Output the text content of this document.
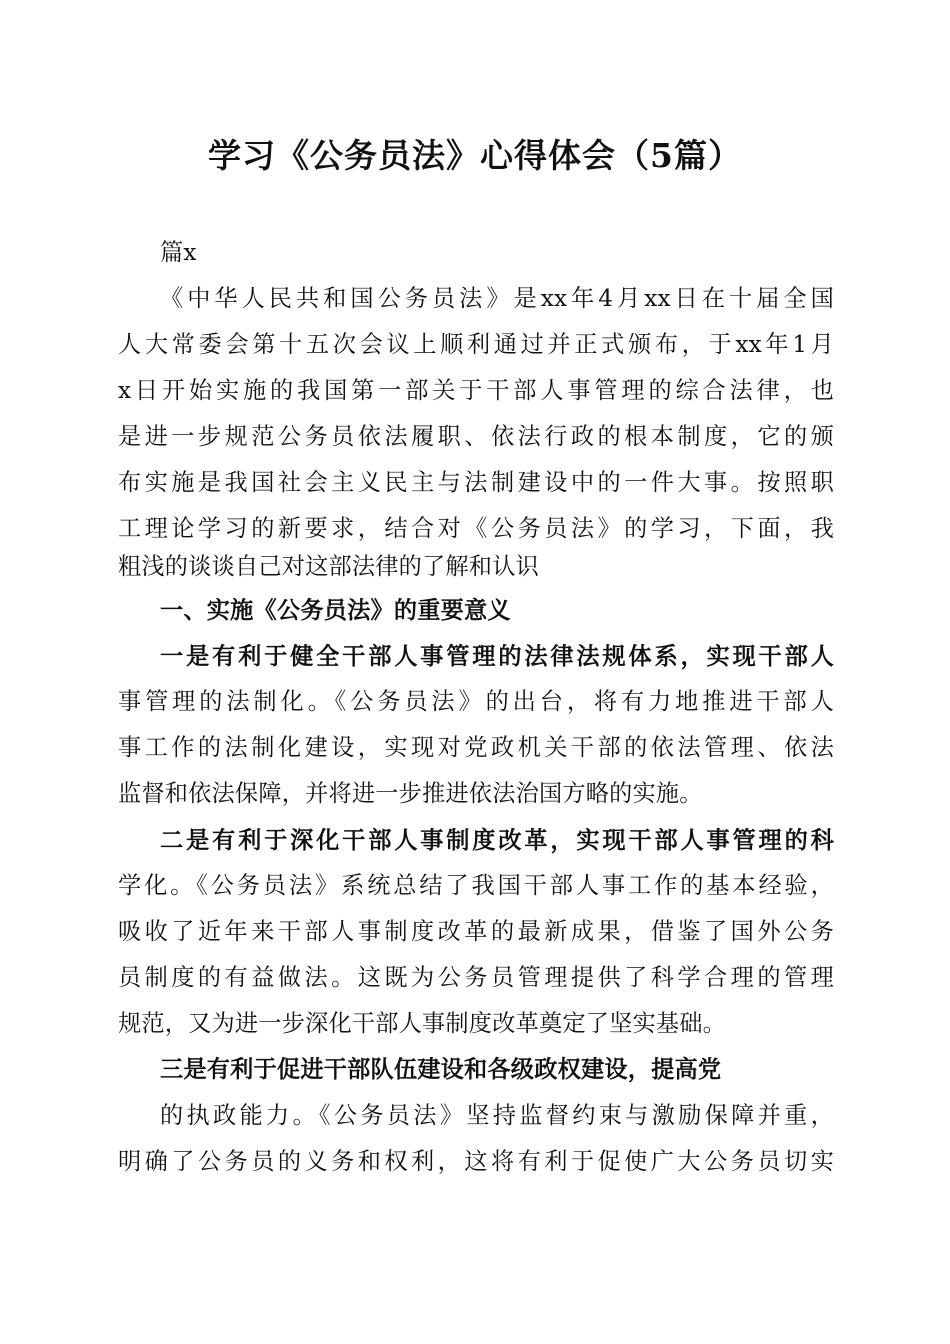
学习《公务员法》心得体会（5篇）
篇x
《中华人民共和国公务员法》是xx年4月xx日在十届全国
人大常委会第十五次会议上顺利通过并正式颁布，于xx年1月
x日开始实施的我国第一部关于干部人事管理的综合法律，也
是进一步规范公务员依法履职、依法行政的根本制度，它的颁
布实施是我国社会主义民主与法制建设中的一件大事。按照职
工理论学习的新要求，结合对《公务员法》的学习，下面，我
粗浅的谈谈自己对这部法律的了解和认识
一、实施《公务员法》的重要意义
一是有利于健全干部人事管理的法律法规体系，实现干部人
事管理的法制化。《公务员法》的出台，将有力地推进干部人
事工作的法制化建设，实现对党政机关干部的依法管理、依法
监督和依法保障，并将进一步推进依法治国方略的实施。
二是有利于深化干部人事制度改革，实现干部人事管理的科
学化。《公务员法》系统总结了我国干部人事工作的基本经验，
吸收了近年来干部人事制度改革的最新成果，借鉴了国外公务
员制度的有益做法。这既为公务员管理提供了科学合理的管理
规范，又为进一步深化干部人事制度改革奠定了坚实基础。
三是有利于促进干部队伍建设和各级政权建设，提高党
的执政能力。《公务员法》坚持监督约束与激励保障并重，
明确了公务员的义务和权利，这将有利于促使广大公务员切实
